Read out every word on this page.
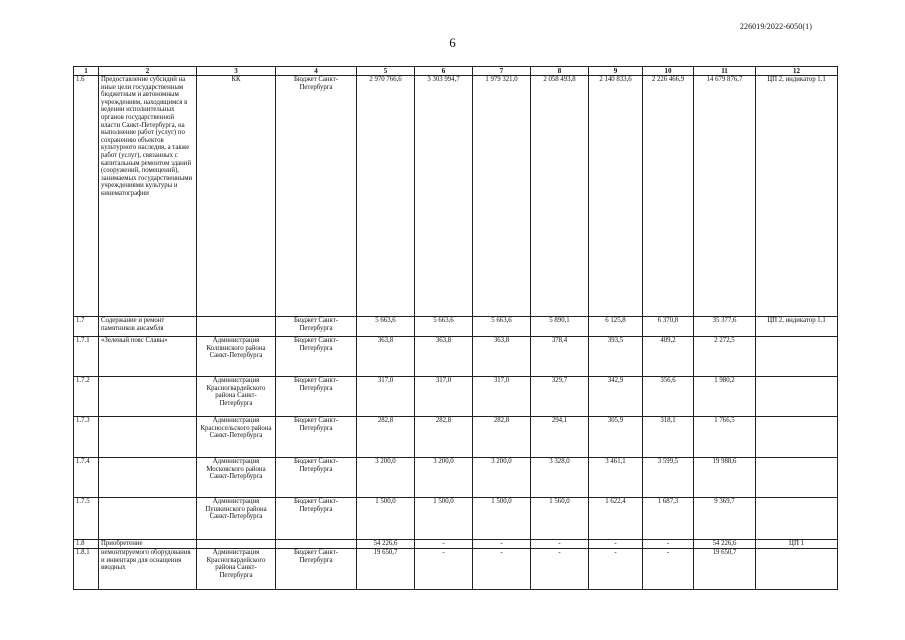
226019/2022-6050(1)
6
1	2	3	4	5	6	7	8	9	10	11	12
1.6	Предоставление субсидий на иные цели государственным бюджетным и автономным учреждениям, находящимся в ведении исполнительных органов государственной власти Санкт-Петербурга, на выполнение работ (услуг) по сохранению объектов культурного наследия, а также работ (услуг), связанных с капитальным ремонтом зданий (сооружений, помещений), занимаемых государственными учреждениями культуры и кинематографии	КК	Бюджет Санкт-Петербурга	2 970 766,6	3 303 994,7	1 979 321,0	2 058 493,8	2 140 833,6	2 226 466,9	14 679 876,7	ЦП 2, индикатор 1.1
1.7	Содержание и ремонт памятников ансамбля		Бюджет Санкт-Петербурга	5 663,6	5 663,6	5 663,6	5 890,1	6 125,8	6 370,8	35 377,6	ЦП 2, индикатор 1.1
1.7.1	«Зеленый пояс Славы»	Администрация Колпинского района Санкт-Петербурга	Бюджет Санкт-Петербурга	363,8	363,8	363,8	378,4	393,5	409,2	2 272,5	
1.7.2		Администрация Красногвардейского района Санкт-Петербурга	Бюджет Санкт-Петербурга	317,0	317,0	317,0	329,7	342,9	356,6	1 980,2	
1.7.3		Администрация Красносельского района Санкт-Петербурга	Бюджет Санкт-Петербурга	282,8	282,8	282,8	294,1	305,9	318,1	1 766,5	
1.7.4		Администрация Московского района Санкт-Петербурга	Бюджет Санкт-Петербурга	3 200,0	3 200,0	3 200,0	3 328,0	3 461,1	3 599,5	19 988,6	
1.7.5		Администрация Пушкинского района Санкт-Петербурга	Бюджет Санкт-Петербурга	1 500,0	1 500,0	1 500,0	1 560,0	1 622,4	1 687,3	9 369,7	
1.8	Приобретение			54 226,6	-	-	-	-	-	54 226,6	ЦП 1
1.8.1	немонтируемого оборудования и инвентаря для оснащения вводных	Администрация Красногвардейского района Санкт-Петербурга	Бюджет Санкт-Петербурга	19 650,7	-	-	-	-	-	19 650,7	
